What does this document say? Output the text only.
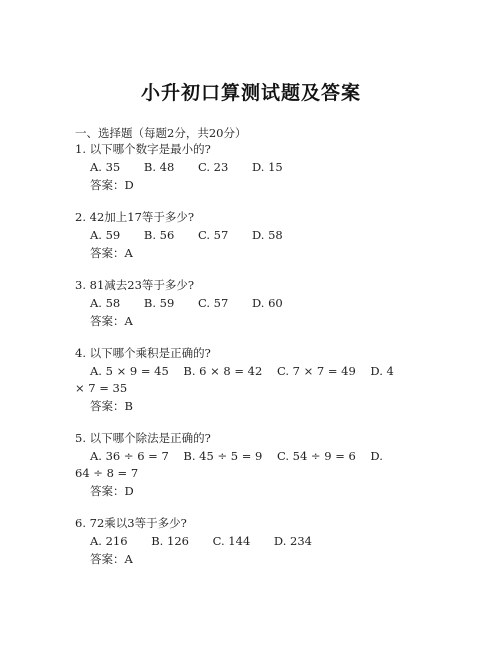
小升初口算测试题及答案
一、选择题（每题2分，共20分）
1. 以下哪个数字是最小的?
A. 35 B. 48 C. 23 D. 15
答案：D
2. 42加上17等于多少?
A. 59 B. 56 C. 57 D. 58
答案：A
3. 81减去23等于多少?
A. 58 B. 59 C. 57 D. 60
答案：A
4. 以下哪个乘积是正确的?
A. 5 × 9 = 45    B. 6 × 8 = 42    C. 7 × 7 = 49    D. 4
× 7 = 35
答案：B
5. 以下哪个除法是正确的?
A. 36 ÷ 6 = 7    B. 45 ÷ 5 = 9    C. 54 ÷ 9 = 6    D.
64 ÷ 8 = 7
答案：D
6. 72乘以3等于多少?
A. 216 B. 126 C. 144 D. 234
答案：A
